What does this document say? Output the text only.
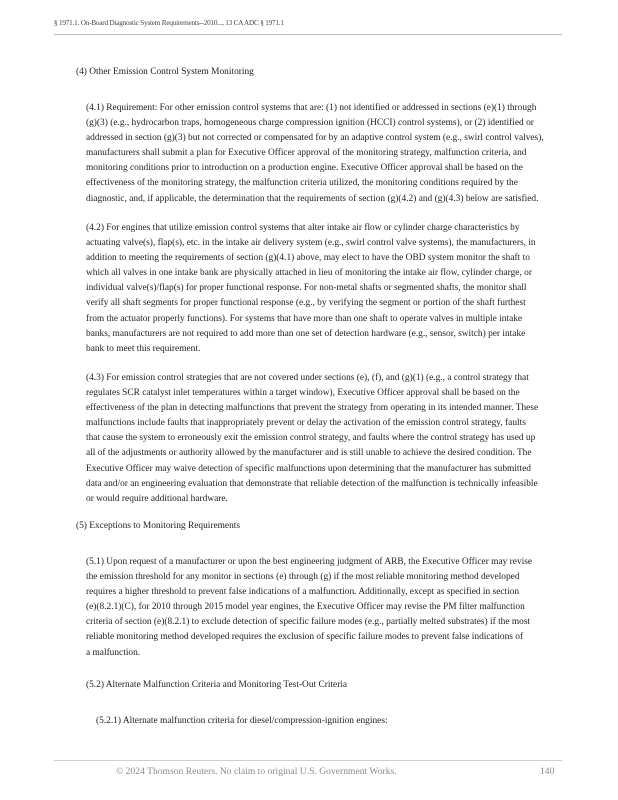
§ 1971.1. On-Board Diagnostic System Requirements--2010..., 13 CA ADC § 1971.1
(4) Other Emission Control System Monitoring
(4.1) Requirement: For other emission control systems that are: (1) not identified or addressed in sections (e)(1) through
(g)(3) (e.g., hydrocarbon traps, homogeneous charge compression ignition (HCCI) control systems), or (2) identified or
addressed in section (g)(3) but not corrected or compensated for by an adaptive control system (e.g., swirl control valves),
manufacturers shall submit a plan for Executive Officer approval of the monitoring strategy, malfunction criteria, and
monitoring conditions prior to introduction on a production engine. Executive Officer approval shall be based on the
effectiveness of the monitoring strategy, the malfunction criteria utilized, the monitoring conditions required by the
diagnostic, and, if applicable, the determination that the requirements of section (g)(4.2) and (g)(4.3) below are satisfied.
(4.2) For engines that utilize emission control systems that alter intake air flow or cylinder charge characteristics by
actuating valve(s), flap(s), etc. in the intake air delivery system (e.g., swirl control valve systems), the manufacturers, in
addition to meeting the requirements of section (g)(4.1) above, may elect to have the OBD system monitor the shaft to
which all valves in one intake bank are physically attached in lieu of monitoring the intake air flow, cylinder charge, or
individual valve(s)/flap(s) for proper functional response. For non-metal shafts or segmented shafts, the monitor shall
verify all shaft segments for proper functional response (e.g., by verifying the segment or portion of the shaft furthest
from the actuator properly functions). For systems that have more than one shaft to operate valves in multiple intake
banks, manufacturers are not required to add more than one set of detection hardware (e.g., sensor, switch) per intake
bank to meet this requirement.
(4.3) For emission control strategies that are not covered under sections (e), (f), and (g)(1) (e.g., a control strategy that
regulates SCR catalyst inlet temperatures within a target window), Executive Officer approval shall be based on the
effectiveness of the plan in detecting malfunctions that prevent the strategy from operating in its intended manner. These
malfunctions include faults that inappropriately prevent or delay the activation of the emission control strategy, faults
that cause the system to erroneously exit the emission control strategy, and faults where the control strategy has used up
all of the adjustments or authority allowed by the manufacturer and is still unable to achieve the desired condition. The
Executive Officer may waive detection of specific malfunctions upon determining that the manufacturer has submitted
data and/or an engineering evaluation that demonstrate that reliable detection of the malfunction is technically infeasible
or would require additional hardware.
(5) Exceptions to Monitoring Requirements
(5.1) Upon request of a manufacturer or upon the best engineering judgment of ARB, the Executive Officer may revise
the emission threshold for any monitor in sections (e) through (g) if the most reliable monitoring method developed
requires a higher threshold to prevent false indications of a malfunction. Additionally, except as specified in section
(e)(8.2.1)(C), for 2010 through 2015 model year engines, the Executive Officer may revise the PM filter malfunction
criteria of section (e)(8.2.1) to exclude detection of specific failure modes (e.g., partially melted substrates) if the most
reliable monitoring method developed requires the exclusion of specific failure modes to prevent false indications of
a malfunction.
(5.2) Alternate Malfunction Criteria and Monitoring Test-Out Criteria
(5.2.1) Alternate malfunction criteria for diesel/compression-ignition engines:
© 2024 Thomson Reuters. No claim to original U.S. Government Works.	140
